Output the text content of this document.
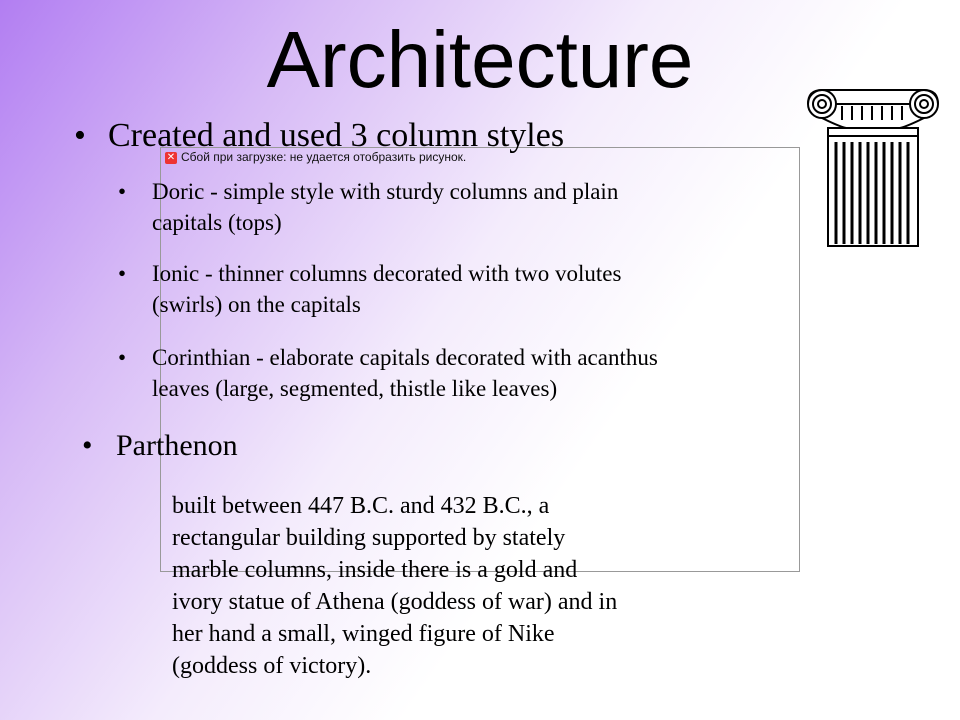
Architecture
✕ Сбой при загрузке: не удается отобразить рисунок.
• Created and used 3 column styles
• Doric - simple style with sturdy columns and plain
capitals (tops)
• Ionic - thinner columns decorated with two volutes
(swirls) on the capitals
• Corinthian - elaborate capitals decorated with acanthus
leaves (large, segmented, thistle like leaves)
• Parthenon
built between 447 B.C. and 432 B.C., a
rectangular building supported by stately
marble columns, inside there is a gold and
ivory statue of Athena (goddess of war) and in
her hand a small, winged figure of Nike
(goddess of victory).
